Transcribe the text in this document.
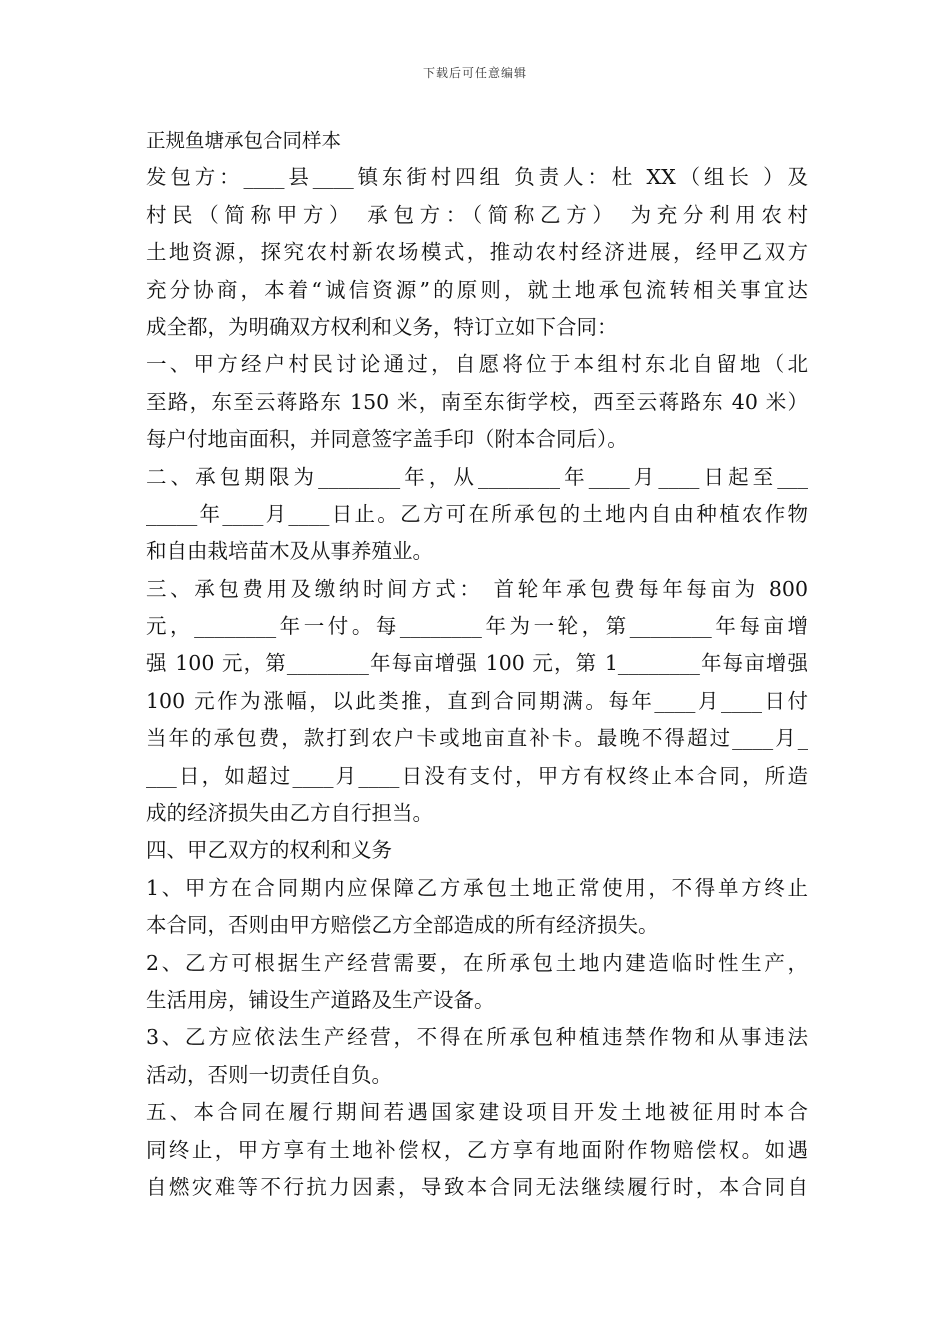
下载后可任意编辑
正规鱼塘承包合同样本
发包方：____县____镇东街村四组 负责人：杜 XX（组长 ）及
村民（简称甲方） 承包方：（简称乙方） 为充分利用农村
土地资源，探究农村新农场模式，推动农村经济进展，经甲乙双方
充分协商，本着“诚信资源”的原则，就土地承包流转相关事宜达
成全都，为明确双方权利和义务，特订立如下合同：
一、甲方经户村民讨论通过，自愿将位于本组村东北自留地（北
至路，东至云蒋路东 150 米，南至东街学校，西至云蒋路东 40 米）
每户付地亩面积，并同意签字盖手印（附本合同后）。
二、承包期限为________年，从________年____月____日起至___
_____年____月____日止。乙方可在所承包的土地内自由种植农作物
和自由栽培苗木及从事养殖业。
三、承包费用及缴纳时间方式： 首轮年承包费每年每亩为 800
元，________年一付。每________年为一轮，第________年每亩增
强 100 元，第________年每亩增强 100 元，第 1________年每亩增强
100 元作为涨幅，以此类推，直到合同期满。每年____月____日付
当年的承包费，款打到农户卡或地亩直补卡。最晚不得超过____月_
___日，如超过____月____日没有支付，甲方有权终止本合同，所造
成的经济损失由乙方自行担当。
四、甲乙双方的权利和义务
1、甲方在合同期内应保障乙方承包土地正常使用，不得单方终止
本合同，否则由甲方赔偿乙方全部造成的所有经济损失。
2、乙方可根据生产经营需要，在所承包土地内建造临时性生产，
生活用房，铺设生产道路及生产设备。
3、乙方应依法生产经营，不得在所承包种植违禁作物和从事违法
活动，否则一切责任自负。
五、本合同在履行期间若遇国家建设项目开发土地被征用时本合
同终止，甲方享有土地补偿权，乙方享有地面附作物赔偿权。如遇
自燃灾难等不行抗力因素，导致本合同无法继续履行时，本合同自
